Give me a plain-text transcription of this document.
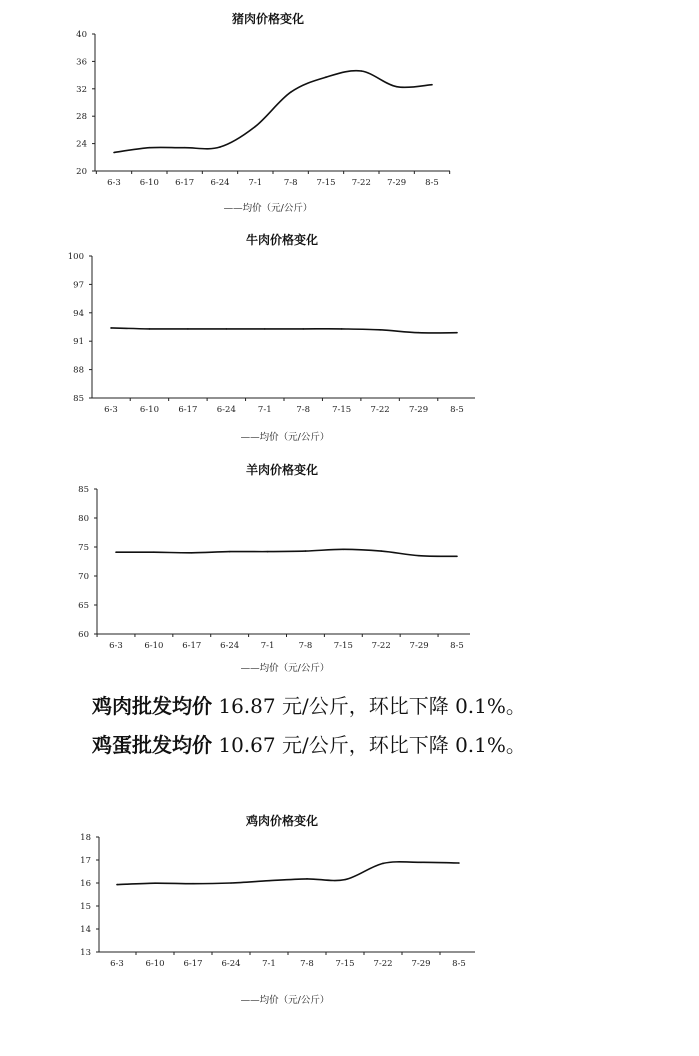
猪肉价格变化
——均价（元/公斤）
20
24
28
32
36
40
6-3 6-10 6-17 6-24 7-1	7-8 7-15 7-22 7-29 8-5
牛肉价格变化
——均价（元/公斤）
85
88
91
94
97
100
6-3	6-10 6-17 6-24	7-1	7-8	7-15 7-22 7-29	8-5
羊肉价格变化
——均价（元/公斤）
60
65
70
75
80
85
6-3	6-10 6-17 6-24	7-1	7-8	7-15 7-22 7-29	8-5
鸡肉批发均价 16.87 元/公斤，环比下降 0.1%。
鸡蛋批发均价 10.67 元/公斤，环比下降 0.1%。
鸡肉价格变化
——均价（元/公斤）
13
14
15
16
17
18
6-3	6-10 6-17 6-24	7-1	7-8	7-15 7-22 7-29	8-5
